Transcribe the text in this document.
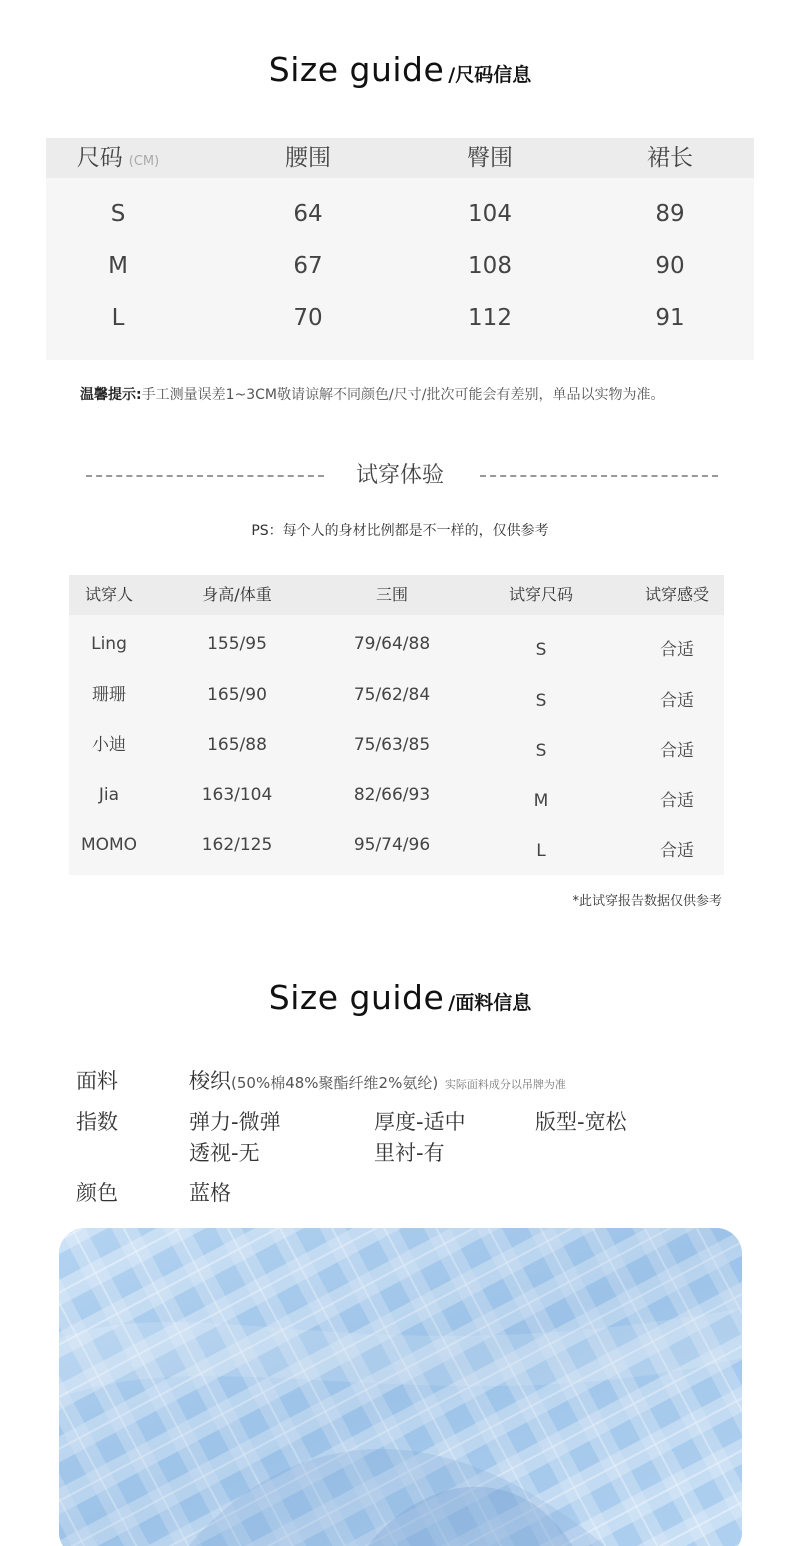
Size guide /尺码信息
尺码 (CM)	腰围	臀围	裙长
S	64	104	89
M	67	108	90
L	70	112	91
温馨提示:手工测量误差1~3CM敬请谅解不同颜色/尺寸/批次可能会有差别，单品以实物为准。
试穿体验
PS：每个人的身材比例都是不一样的，仅供参考
试穿人	身高/体重	三围	试穿尺码	试穿感受
Ling	155/95	79/64/88	S	合适
珊珊	165/90	75/62/84	S	合适
小迪	165/88	75/63/85	S	合适
Jia	163/104	82/66/93	M	合适
MOMO	162/125	95/74/96	L	合适
*此试穿报告数据仅供参考
Size guide /面料信息
面料	梭织(50%棉48%聚酯纤维2%氨纶) 实际面料成分以吊牌为准
指数	弹力-微弹	厚度-适中	版型-宽松
透视-无	里衬-有
颜色	蓝格
